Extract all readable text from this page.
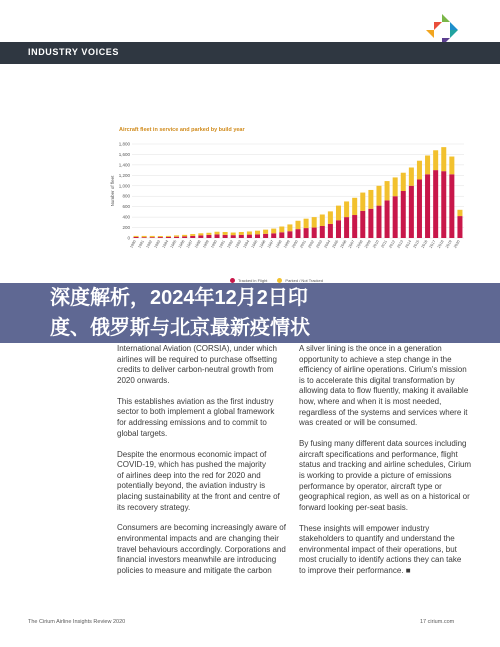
INDUSTRY VOICES
Aircraft fleet in service and parked by build year
Number of fleet
1,800
1,600
1,400
1,200
1,000
800
600
400
200
0
1980 1981 1982 1983 1984 1985 1986 1987 1988 1989 1990 1991 1992 1993 1994 1995 1996 1997 1998 1999 2000 2001 2002 2003 2004 2005 2006 2007 2008 2009 2010 2011 2012 2013 2014 2015 2016 2017 2018 2019 2020
Tracked in Flight	Parked / Not Tracked
深度解析，2024年12月2日印
度、俄罗斯与北京最新疫情状

International Aviation (CORSIA), under which
airlines will be required to purchase offsetting
credits to deliver carbon-neutral growth from
2020 onwards.

This establishes aviation as the first industry
sector to both implement a global framework
for addressing emissions and to commit to
global targets.

Despite the enormous economic impact of
COVID-19, which has pushed the majority
of airlines deep into the red for 2020 and
potentially beyond, the aviation industry is
placing sustainability at the front and centre of
its recovery strategy.

Consumers are becoming increasingly aware of
environmental impacts and are changing their
travel behaviours accordingly. Corporations and
financial investors meanwhile are introducing
policies to measure and mitigate the carbon

A silver lining is the once in a generation
opportunity to achieve a step change in the
efficiency of airline operations. Cirium's mission
is to accelerate this digital transformation by
allowing data to flow fluently, making it available
how, where and when it is most needed,
regardless of the systems and services where it
was created or will be consumed.

By fusing many different data sources including
aircraft specifications and performance, flight
status and tracking and airline schedules, Cirium
is working to provide a picture of emissions
performance by operator, aircraft type or
geographical region, as well as on a historical or
forward looking per-seat basis.

These insights will empower industry
stakeholders to quantify and understand the
environmental impact of their operations, but
most crucially to identify actions they can take
to improve their performance. ■

The Cirium Airline Insights Review 2020	17 cirium.com
